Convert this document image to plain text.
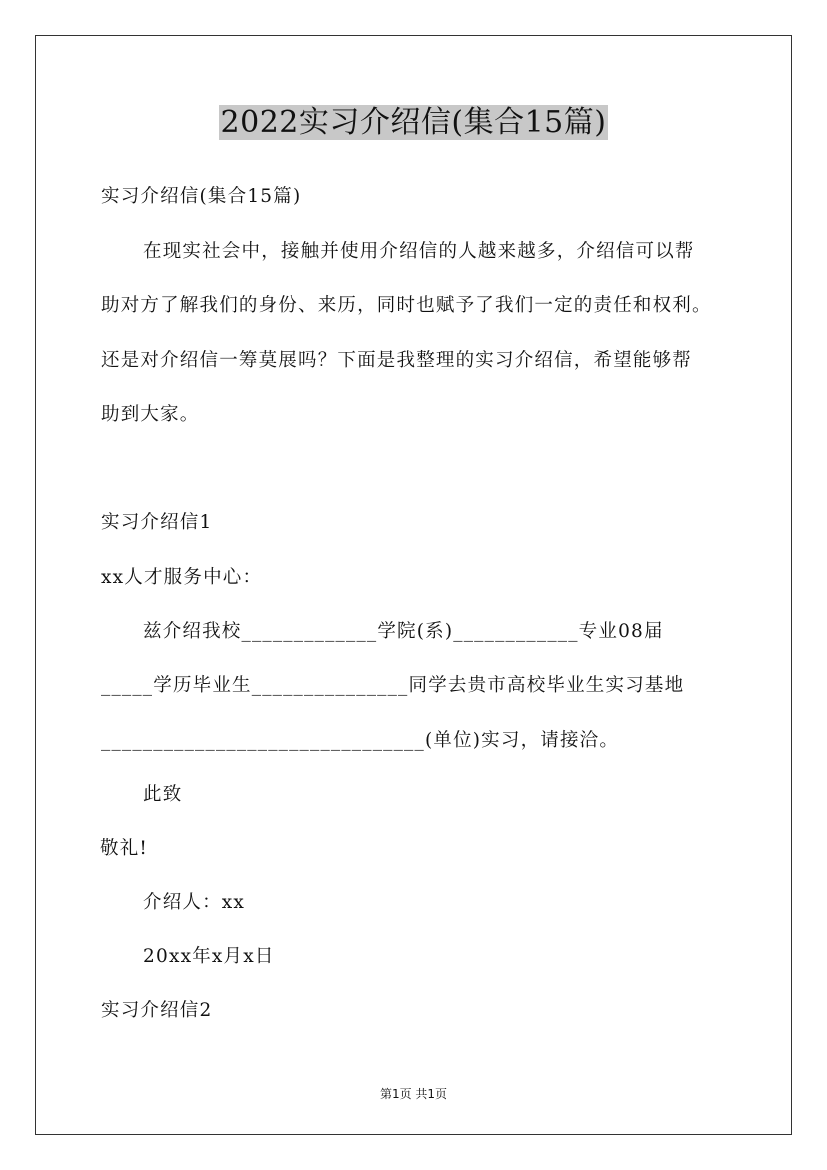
2022实习介绍信(集合15篇)
实习介绍信(集合15篇)
在现实社会中，接触并使用介绍信的人越来越多，介绍信可以帮
助对方了解我们的身份、来历，同时也赋予了我们一定的责任和权利。
还是对介绍信一筹莫展吗？下面是我整理的实习介绍信，希望能够帮
助到大家。
实习介绍信1
xx人才服务中心：
兹介绍我校_____________学院(系)____________专业08届
_____学历毕业生_______________同学去贵市高校毕业生实习基地
_______________________________(单位)实习，请接洽。
此致
敬礼!
介绍人：xx
20xx年x月x日
实习介绍信2
第1页 共1页
